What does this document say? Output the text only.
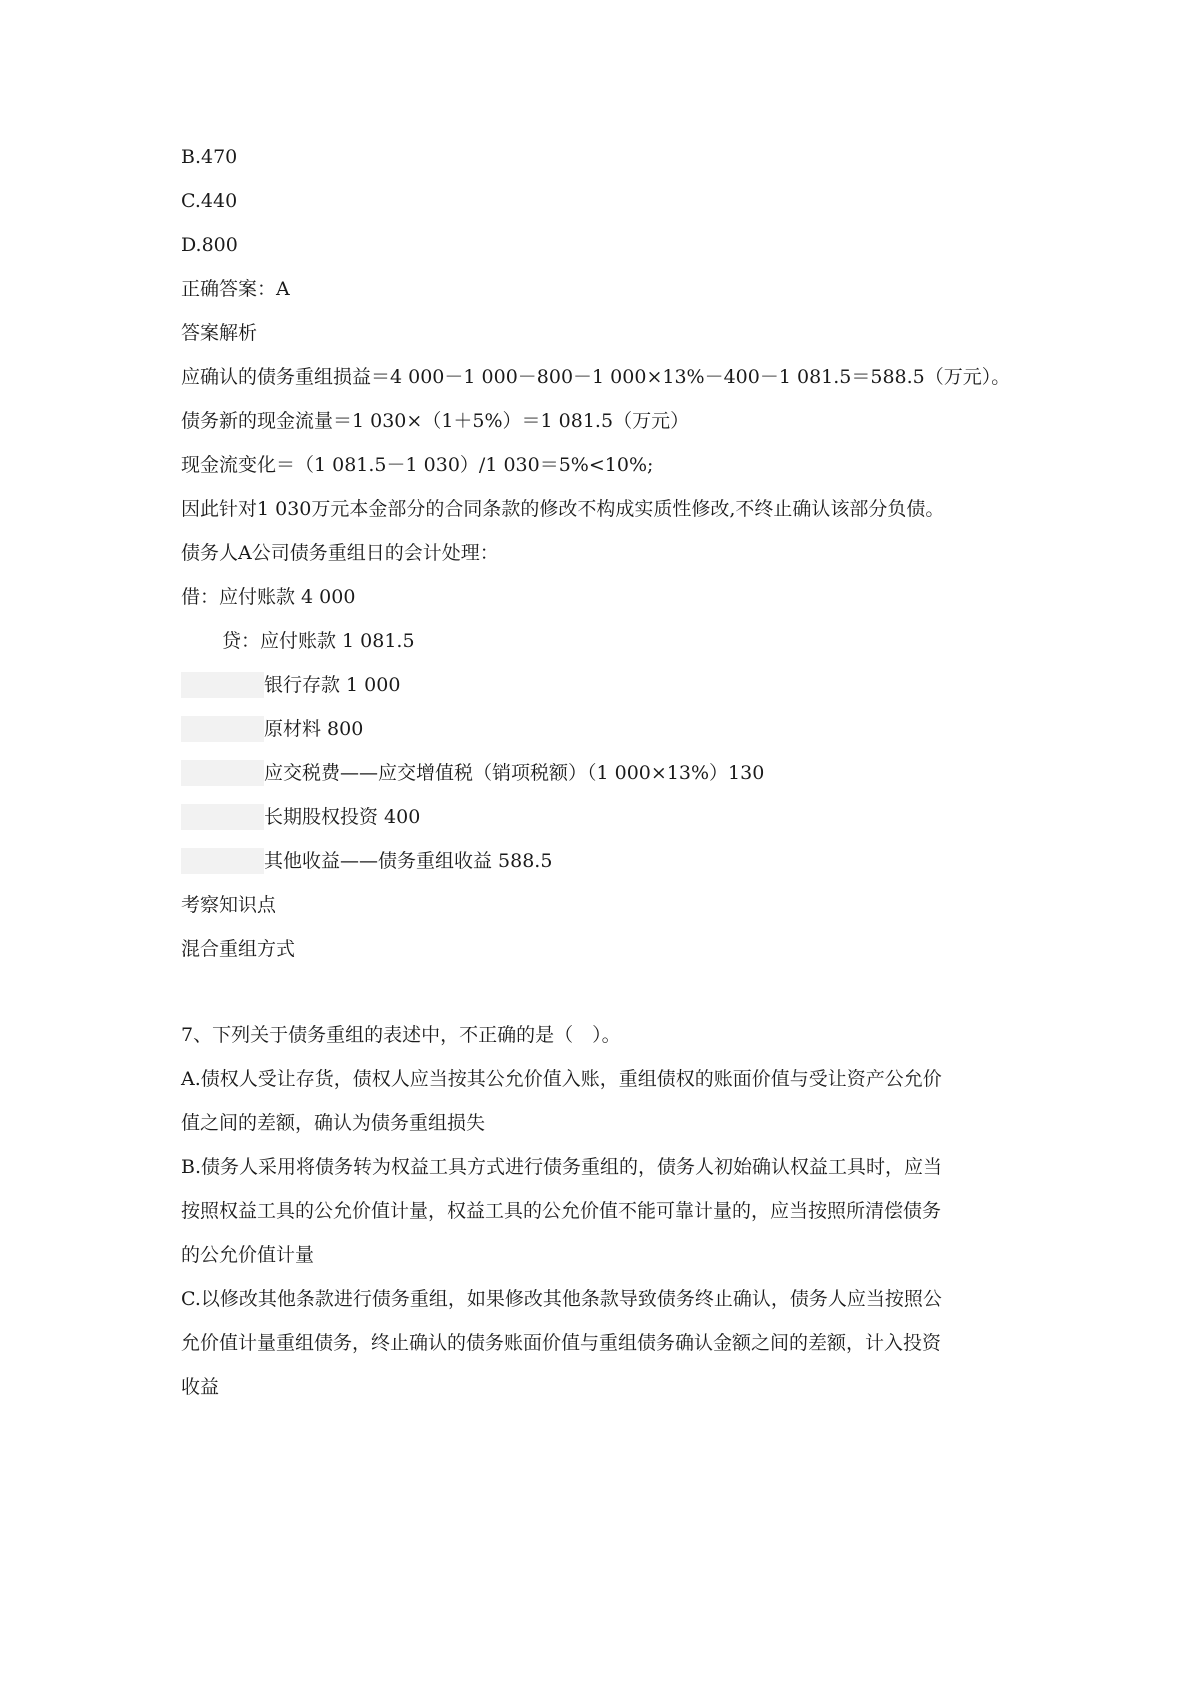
B.470
C.440
D.800
正确答案：A
答案解析
应确认的债务重组损益＝4 000－1 000－800－1 000×13%－400－1 081.5＝588.5（万元）。
债务新的现金流量＝1 030×（1＋5%）＝1 081.5（万元）
现金流变化＝（1 081.5－1 030）/1 030＝5%<10%;
因此针对1 030万元本金部分的合同条款的修改不构成实质性修改,不终止确认该部分负债。
债务人A公司债务重组日的会计处理：
借：应付账款 4 000
贷：应付账款 1 081.5
银行存款 1 000
原材料 800
应交税费——应交增值税（销项税额）（1 000×13%）130
长期股权投资 400
其他收益——债务重组收益 588.5
考察知识点
混合重组方式
7、下列关于债务重组的表述中，不正确的是（　）。
A.债权人受让存货，债权人应当按其公允价值入账，重组债权的账面价值与受让资产公允价
值之间的差额，确认为债务重组损失
B.债务人采用将债务转为权益工具方式进行债务重组的，债务人初始确认权益工具时，应当
按照权益工具的公允价值计量，权益工具的公允价值不能可靠计量的，应当按照所清偿债务
的公允价值计量
C.以修改其他条款进行债务重组，如果修改其他条款导致债务终止确认，债务人应当按照公
允价值计量重组债务，终止确认的债务账面价值与重组债务确认金额之间的差额，计入投资
收益
